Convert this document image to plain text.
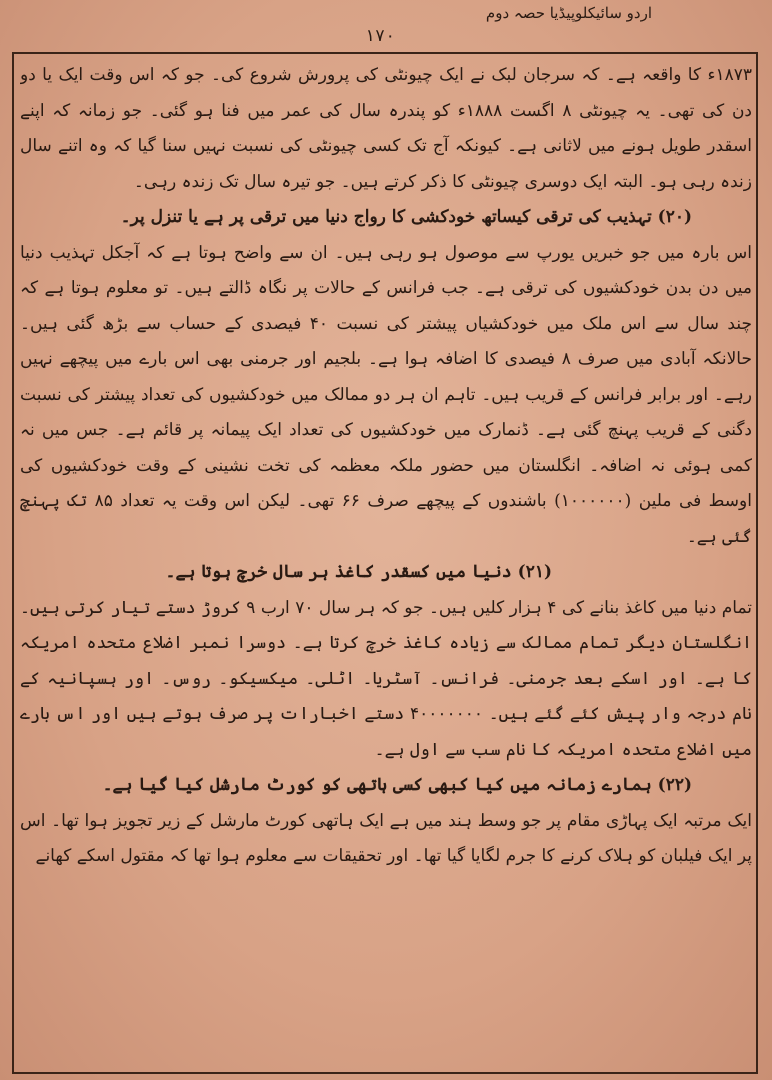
اردو سائیکلوپیڈیا حصہ دوم
۱۷۰

۱۸۷۳ء کا واقعہ ہے۔ کہ سرجان لبک نے ایک چیونٹی کی پرورش شروع کی۔ جو کہ اس وقت ایک یا دو دن کی تھی۔ یہ چیونٹی ۸ اگست ۱۸۸۸ء کو پندرہ سال کی عمر میں فنا ہو گئی۔ جو زمانہ کہ اپنے اسقدر طویل ہونے میں لاثانی ہے۔ کیونکہ آج تک کسی چیونٹی کی نسبت نہیں سنا گیا کہ وہ اتنے سال زندہ رہی ہو۔ البتہ ایک دوسری چیونٹی کا ذکر کرتے ہیں۔ جو تیرہ سال تک زندہ رہی۔

(۲۰) تہذیب کی ترقی کیساتھ خودکشی کا رواج دنیا میں ترقی پر ہے یا تنزل پر۔

اس بارہ میں جو خبریں یورپ سے موصول ہو رہی ہیں۔ ان سے واضح ہوتا ہے کہ آجکل تہذیب دنیا میں دن بدن خودکشیوں کی ترقی ہے۔ جب فرانس کے حالات پر نگاہ ڈالتے ہیں۔ تو معلوم ہوتا ہے کہ چند سال سے اس ملک میں خودکشیاں پیشتر کی نسبت ۴۰ فیصدی کے حساب سے بڑھ گئی ہیں۔ حالانکہ آبادی میں صرف ۸ فیصدی کا اضافہ ہوا ہے۔ بلجیم اور جرمنی بھی اس بارے میں پیچھے نہیں رہے۔ اور برابر فرانس کے قریب ہیں۔ تاہم ان ہر دو ممالک میں خودکشیوں کی تعداد پیشتر کی نسبت دگنی کے قریب پہنچ گئی ہے۔ ڈنمارک میں خودکشیوں کی تعداد ایک پیمانہ پر قائم ہے۔ جس میں نہ کمی ہوئی نہ اضافہ۔ انگلستان میں حضور ملکہ معظمہ کی تخت نشینی کے وقت خودکشیوں کی اوسط فی ملین (۱۰۰۰۰۰۰) باشندوں کے پیچھے صرف ۶۶ تھی۔ لیکن اس وقت یہ تعداد ۸۵ تک پہنچ گئی ہے۔

(۲۱) دنیا میں کسقدر کاغذ ہر سال خرچ ہوتا ہے۔

تمام دنیا میں کاغذ بنانے کی ۴ ہزار کلیں ہیں۔ جو کہ ہر سال ۷۰ ارب ۹ کروڑ دستے تیار کرتی ہیں۔ انگلستان دیگر تمام ممالک سے زیادہ کاغذ خرچ کرتا ہے۔ دوسرا نمبر اضلاع متحدہ امریکہ کا ہے۔ اور اسکے بعد جرمنی۔ فرانس۔ آسٹریا۔ اٹلی۔ میکسیکو۔ روس۔ اور ہسپانیہ کے نام درجہ وار پیش کئے گئے ہیں۔ ۴۰۰۰۰۰۰۰ دستے اخبارات پر صرف ہوتے ہیں اور اس بارے میں اضلاع متحدہ امریکہ کا نام سب سے اول ہے۔

(۲۲) ہمارے زمانہ میں کیا کبھی کسی ہاتھی کو کورٹ مارشل کیا گیا ہے۔

ایک مرتبہ ایک پہاڑی مقام پر جو وسط ہند میں ہے ایک ہاتھی کورٹ مارشل کے زیر تجویز ہوا تھا۔ اس پر ایک فیلبان کو ہلاک کرنے کا جرم لگایا گیا تھا۔ اور تحقیقات سے معلوم ہوا تھا کہ مقتول اسکے کھانے
